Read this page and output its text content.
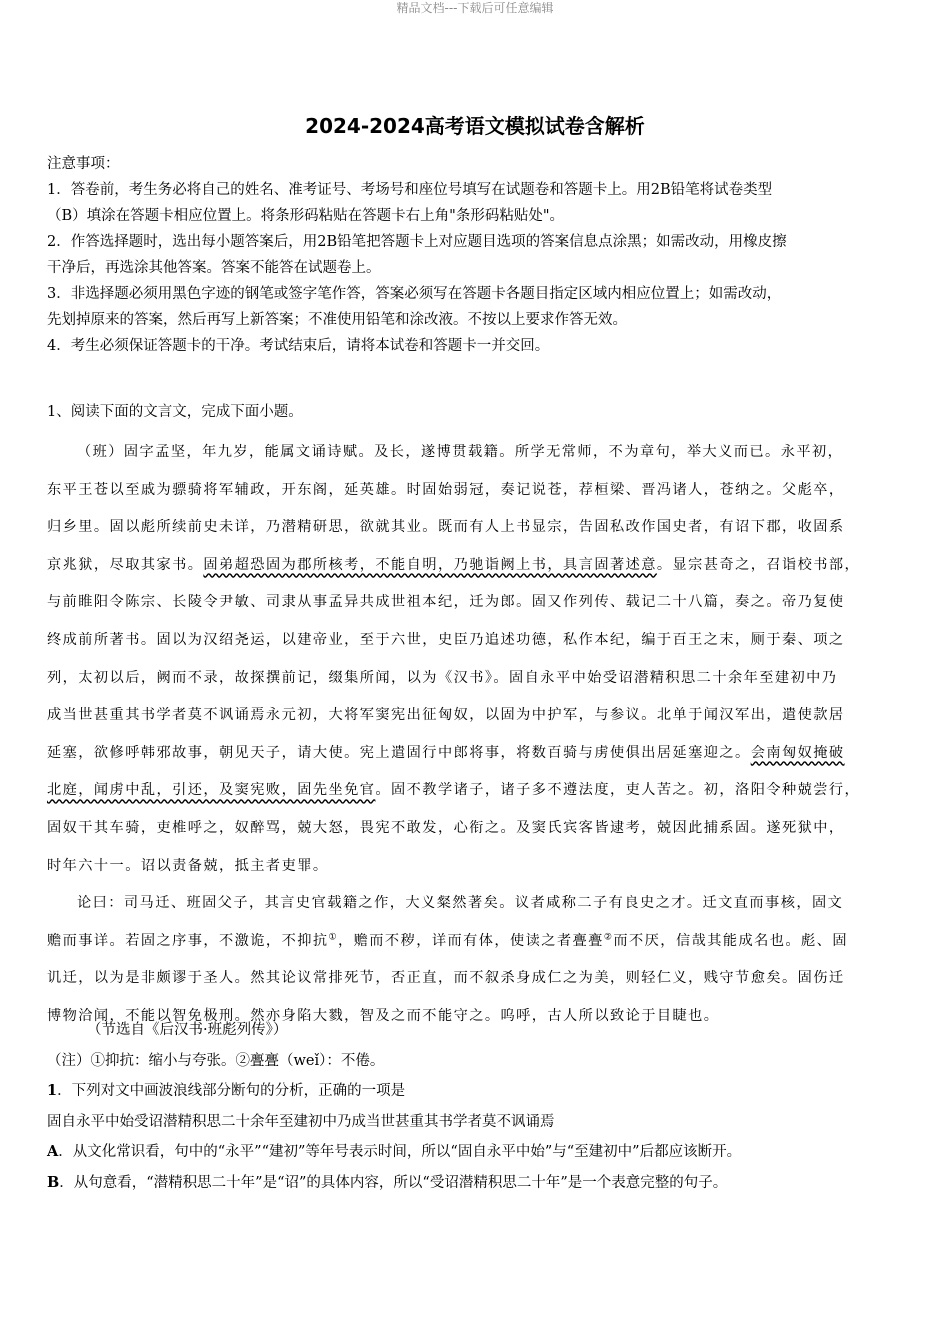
精品文档---下载后可任意编辑
2024-2024高考语文模拟试卷含解析
注意事项：
1．答卷前，考生务必将自己的姓名、准考证号、考场号和座位号填写在试题卷和答题卡上。用2B铅笔将试卷类型
（B）填涂在答题卡相应位置上。将条形码粘贴在答题卡右上角"条形码粘贴处"。
2．作答选择题时，选出每小题答案后，用2B铅笔把答题卡上对应题目选项的答案信息点涂黑；如需改动，用橡皮擦
干净后，再选涂其他答案。答案不能答在试题卷上。
3．非选择题必须用黑色字迹的钢笔或签字笔作答，答案必须写在答题卡各题目指定区域内相应位置上；如需改动，
先划掉原来的答案，然后再写上新答案；不准使用铅笔和涂改液。不按以上要求作答无效。
4．考生必须保证答题卡的干净。考试结束后，请将本试卷和答题卡一并交回。
1、阅读下面的文言文，完成下面小题。
（班）固字孟坚，年九岁，能属文诵诗赋。及长，遂博贯载籍。所学无常师，不为章句，举大义而已。永平初，
东平王苍以至戚为骠骑将军辅政，开东阁，延英雄。时固始弱冠，奏记说苍，荐桓梁、晋冯诸人，苍纳之。父彪卒，
归乡里。固以彪所续前史未详，乃潜精研思，欲就其业。既而有人上书显宗，告固私改作国史者，有诏下郡，收固系
京兆狱，尽取其家书。固弟超恐固为郡所核考，不能自明，乃驰诣阙上书，具言固著述意。显宗甚奇之，召诣校书部，
与前睢阳令陈宗、长陵令尹敏、司隶从事孟异共成世祖本纪，迁为郎。固又作列传、载记二十八篇，奏之。帝乃复使
终成前所著书。固以为汉绍尧运，以建帝业，至于六世，史臣乃追述功德，私作本纪，编于百王之末，厕于秦、项之
列，太初以后，阙而不录，故探撰前记，缀集所闻，以为《汉书》。固自永平中始受诏潜精积思二十余年至建初中乃
成当世甚重其书学者莫不讽诵焉永元初，大将军窦宪出征匈奴，以固为中护军，与参议。北单于闻汉军出，遣使款居
延塞，欲修呼韩邪故事，朝见天子，请大使。宪上遣固行中郎将事，将数百骑与虏使俱出居延塞迎之。会南匈奴掩破
北庭，闻虏中乱，引还，及窦宪败，固先坐免官。固不教学诸子，诸子多不遵法度，吏人苦之。初，洛阳令种兢尝行，
固奴干其车骑，吏椎呼之，奴醉骂，兢大怒，畏宪不敢发，心衔之。及窦氏宾客皆逮考，兢因此捕系固。遂死狱中，
时年六十一。诏以责备兢，抵主者吏罪。
论曰：司马迁、班固父子，其言史官载籍之作，大义粲然著矣。议者咸称二子有良史之才。迁文直而事核，固文
赡而事详。若固之序事，不激诡，不抑抗①，赡而不秽，详而有体，使读之者亹亹②而不厌，信哉其能成名也。彪、固
讥迁，以为是非颇谬于圣人。然其论议常排死节，否正直，而不叙杀身成仁之为美，则轻仁义，贱守节愈矣。固伤迁
博物洽闻，不能以智免极刑。然亦身陷大戮，智及之而不能守之。呜呼，古人所以致论于目睫也。
（节选自《后汉书·班彪列传》）
（注）①抑抗：缩小与夸张。②亹亹（weǐ）：不倦。
1．下列对文中画波浪线部分断句的分析，正确的一项是
固自永平中始受诏潜精积思二十余年至建初中乃成当世甚重其书学者莫不讽诵焉
A．从文化常识看，句中的“永平”“建初”等年号表示时间，所以“固自永平中始”与“至建初中”后都应该断开。
B．从句意看，“潜精积思二十年”是“诏”的具体内容，所以“受诏潜精积思二十年”是一个表意完整的句子。
